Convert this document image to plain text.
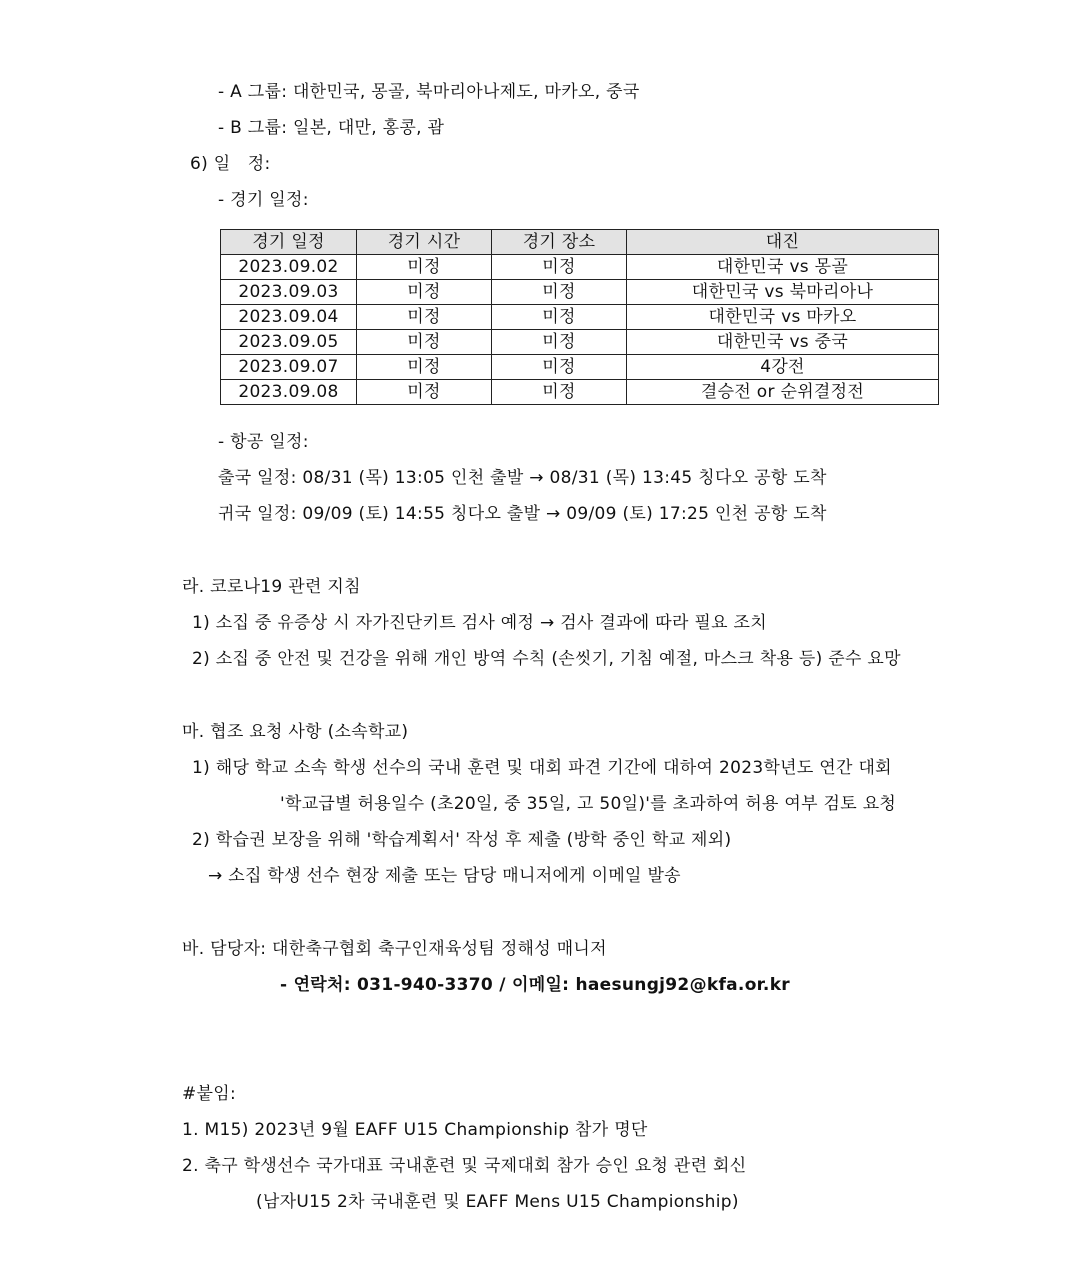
- A 그룹: 대한민국, 몽골, 북마리아나제도, 마카오, 중국
- B 그룹: 일본, 대만, 홍콩, 괌
6) 일　정:
- 경기 일정:
경기 일정	경기 시간	경기 장소	대진
2023.09.02	미정	미정	대한민국 vs 몽골
2023.09.03	미정	미정	대한민국 vs 북마리아나
2023.09.04	미정	미정	대한민국 vs 마카오
2023.09.05	미정	미정	대한민국 vs 중국
2023.09.07	미정	미정	4강전
2023.09.08	미정	미정	결승전 or 순위결정전
- 항공 일정:
출국 일정: 08/31 (목) 13:05 인천 출발 → 08/31 (목) 13:45 칭다오 공항 도착
귀국 일정: 09/09 (토) 14:55 칭다오 출발 → 09/09 (토) 17:25 인천 공항 도착
라. 코로나19 관련 지침
1) 소집 중 유증상 시 자가진단키트 검사 예정 → 검사 결과에 따라 필요 조치
2) 소집 중 안전 및 건강을 위해 개인 방역 수칙 (손씻기, 기침 예절, 마스크 착용 등) 준수 요망
마. 협조 요청 사항 (소속학교)
1) 해당 학교 소속 학생 선수의 국내 훈련 및 대회 파견 기간에 대하여 2023학년도 연간 대회
'학교급별 허용일수 (초20일, 중 35일, 고 50일)'를 초과하여 허용 여부 검토 요청
2) 학습권 보장을 위해 '학습계획서' 작성 후 제출 (방학 중인 학교 제외)
→ 소집 학생 선수 현장 제출 또는 담당 매니저에게 이메일 발송
바. 담당자: 대한축구협회 축구인재육성팀 정해성 매니저
- 연락처: 031-940-3370 / 이메일: haesungj92@kfa.or.kr
#붙임:
1. M15) 2023년 9월 EAFF U15 Championship 참가 명단
2. 축구 학생선수 국가대표 국내훈련 및 국제대회 참가 승인 요청 관련 회신
(남자U15 2차 국내훈련 및 EAFF Mens U15 Championship)
